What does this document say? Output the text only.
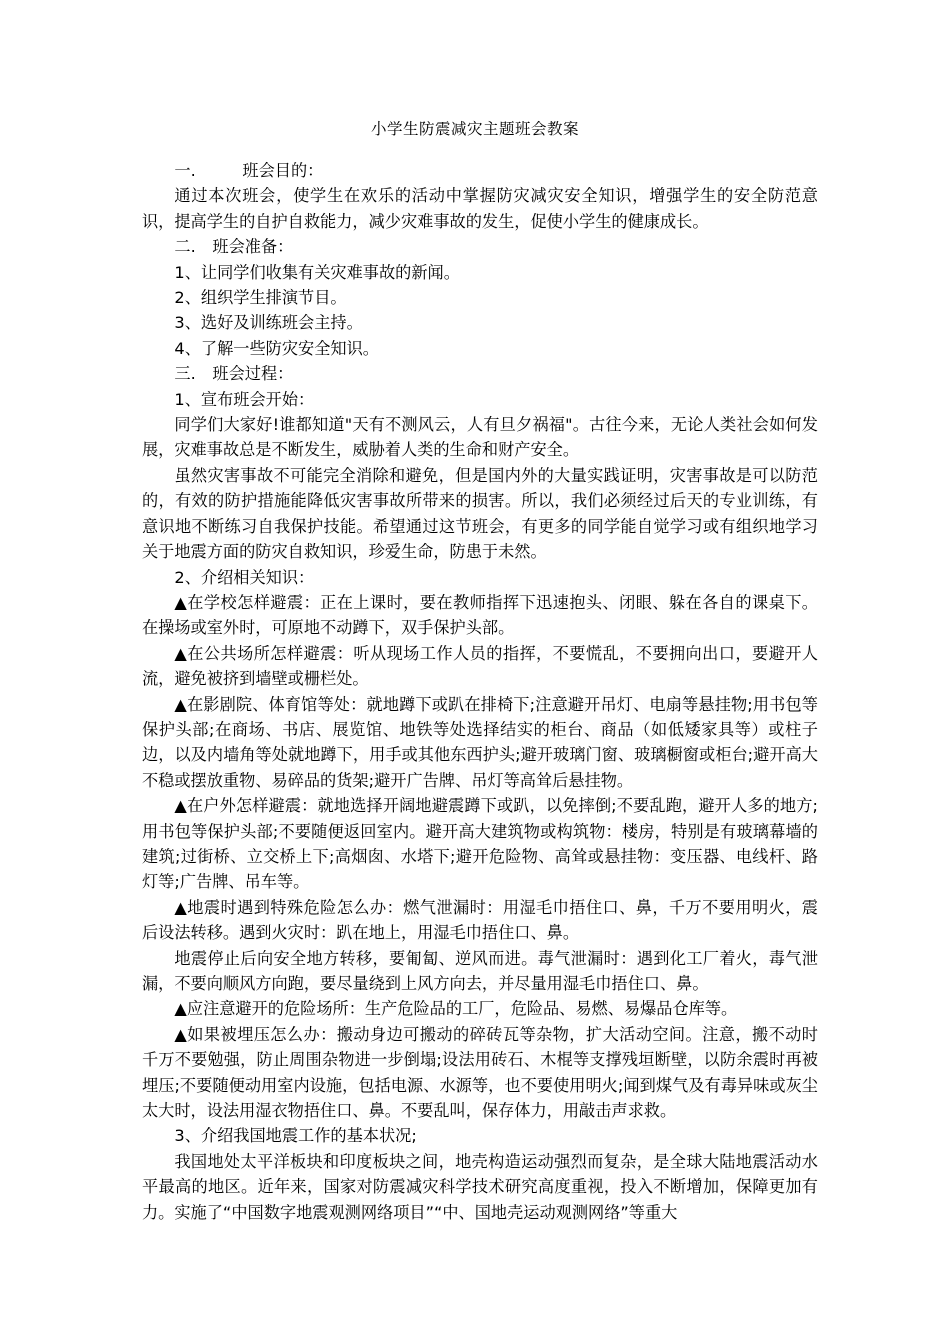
小学生防震减灾主题班会教案
一.	班会目的：

通过本次班会，使学生在欢乐的活动中掌握防灾减灾安全知识，增强学生的安全防范意识，提高学生的自护自救能力，减少灾难事故的发生，促使小学生的健康成长。

二. 班会准备：

1、让同学们收集有关灾难事故的新闻。

2、组织学生排演节目。

3、选好及训练班会主持。

4、了解一些防灾安全知识。

三. 班会过程：

1、宣布班会开始：

同学们大家好!谁都知道"天有不测风云，人有旦夕祸福"。古往今来，无论人类社会如何发展，灾难事故总是不断发生，威胁着人类的生命和财产安全。

虽然灾害事故不可能完全消除和避免，但是国内外的大量实践证明，灾害事故是可以防范的，有效的防护措施能降低灾害事故所带来的损害。所以，我们必须经过后天的专业训练，有意识地不断练习自我保护技能。希望通过这节班会，有更多的同学能自觉学习或有组织地学习关于地震方面的防灾自救知识，珍爱生命，防患于未然。

2、介绍相关知识：

▲在学校怎样避震：正在上课时，要在教师指挥下迅速抱头、闭眼、躲在各自的课桌下。在操场或室外时，可原地不动蹲下，双手保护头部。

▲在公共场所怎样避震：听从现场工作人员的指挥，不要慌乱，不要拥向出口，要避开人流，避免被挤到墙壁或栅栏处。

▲在影剧院、体育馆等处：就地蹲下或趴在排椅下;注意避开吊灯、电扇等悬挂物;用书包等保护头部;在商场、书店、展览馆、地铁等处选择结实的柜台、商品（如低矮家具等）或柱子边，以及内墙角等处就地蹲下，用手或其他东西护头;避开玻璃门窗、玻璃橱窗或柜台;避开高大不稳或摆放重物、易碎品的货架;避开广告牌、吊灯等高耸后悬挂物。

▲在户外怎样避震：就地选择开阔地避震蹲下或趴，以免摔倒;不要乱跑，避开人多的地方;用书包等保护头部;不要随便返回室内。避开高大建筑物或构筑物：楼房，特别是有玻璃幕墙的建筑;过街桥、立交桥上下;高烟囱、水塔下;避开危险物、高耸或悬挂物：变压器、电线杆、路灯等;广告牌、吊车等。

▲地震时遇到特殊危险怎么办：燃气泄漏时：用湿毛巾捂住口、鼻，千万不要用明火，震后设法转移。遇到火灾时：趴在地上，用湿毛巾捂住口、鼻。

地震停止后向安全地方转移，要匍匐、逆风而进。毒气泄漏时：遇到化工厂着火，毒气泄漏，不要向顺风方向跑，要尽量绕到上风方向去，并尽量用湿毛巾捂住口、鼻。

▲应注意避开的危险场所：生产危险品的工厂，危险品、易燃、易爆品仓库等。

▲如果被埋压怎么办：搬动身边可搬动的碎砖瓦等杂物，扩大活动空间。注意，搬不动时千万不要勉强，防止周围杂物进一步倒塌;设法用砖石、木棍等支撑残垣断壁，以防余震时再被埋压;不要随便动用室内设施，包括电源、水源等，也不要使用明火;闻到煤气及有毒异味或灰尘太大时，设法用湿衣物捂住口、鼻。不要乱叫，保存体力，用敲击声求救。

3、介绍我国地震工作的基本状况;

我国地处太平洋板块和印度板块之间，地壳构造运动强烈而复杂，是全球大陆地震活动水平最高的地区。近年来，国家对防震减灾科学技术研究高度重视，投入不断增加，保障更加有力。实施了“中国数字地震观测网络项目”“中、国地壳运动观测网络”等重大
